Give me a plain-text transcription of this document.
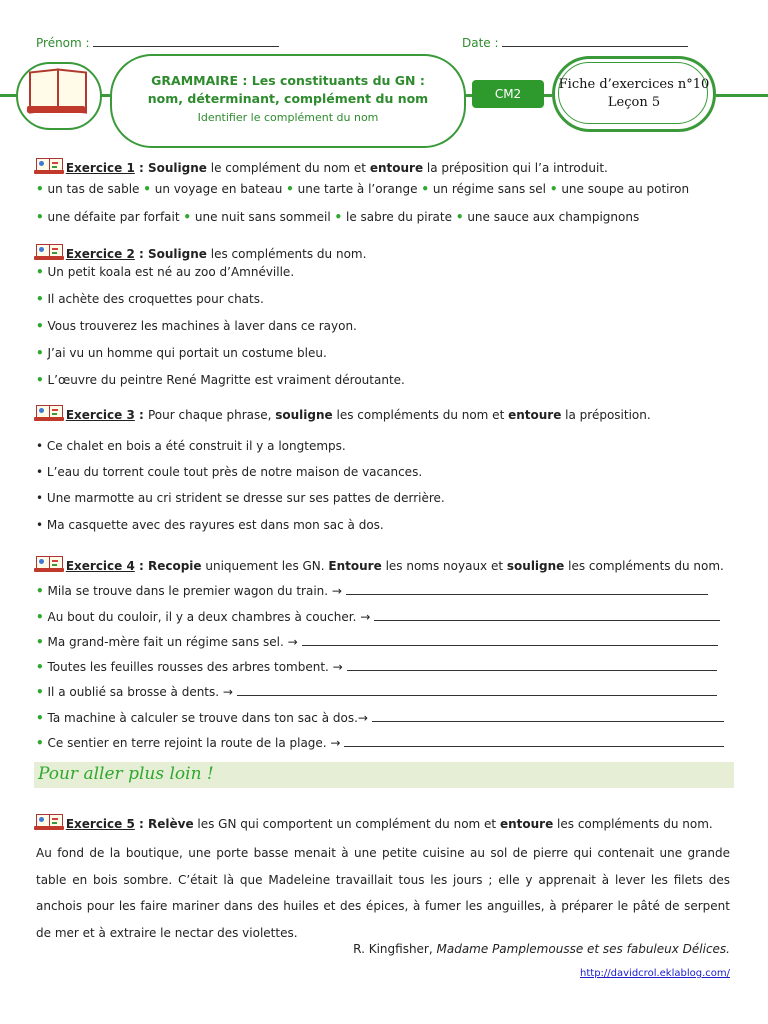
Prénom :	Date :
GRAMMAIRE : Les constituants du GN :
nom, déterminant, complément du nom
Identifier le complément du nom
CM2
Fiche d’exercices n°10
Leçon 5
Exercice 1 : Souligne le complément du nom et entoure la préposition qui l’a introduit.
• un tas de sable • un voyage en bateau • une tarte à l’orange • un régime sans sel • une soupe au potiron
• une défaite par forfait • une nuit sans sommeil • le sabre du pirate • une sauce aux champignons
Exercice 2 : Souligne les compléments du nom.
• Un petit koala est né au zoo d’Amnéville.
• Il achète des croquettes pour chats.
• Vous trouverez les machines à laver dans ce rayon.
• J’ai vu un homme qui portait un costume bleu.
• L’œuvre du peintre René Magritte est vraiment déroutante.
Exercice 3 : Pour chaque phrase, souligne les compléments du nom et entoure la préposition.
• Ce chalet en bois a été construit il y a longtemps.
• L’eau du torrent coule tout près de notre maison de vacances.
• Une marmotte au cri strident se dresse sur ses pattes de derrière.
• Ma casquette avec des rayures est dans mon sac à dos.
Exercice 4 : Recopie uniquement les GN. Entoure les noms noyaux et souligne les compléments du nom.
• Mila se trouve dans le premier wagon du train. →
• Au bout du couloir, il y a deux chambres à coucher. →
• Ma grand-mère fait un régime sans sel. →
• Toutes les feuilles rousses des arbres tombent. →
• Il a oublié sa brosse à dents. →
• Ta machine à calculer se trouve dans ton sac à dos.→
• Ce sentier en terre rejoint la route de la plage. →
Pour aller plus loin !
Exercice 5 : Relève les GN qui comportent un complément du nom et entoure les compléments du nom.
Au fond de la boutique, une porte basse menait à une petite cuisine au sol de pierre qui contenait une grande table en bois sombre. C’était là que Madeleine travaillait tous les jours ; elle y apprenait à lever les filets des anchois pour les faire mariner dans des huiles et des épices, à fumer les anguilles, à préparer le pâté de serpent de mer et à extraire le nectar des violettes.
R. Kingfisher, Madame Pamplemousse et ses fabuleux Délices.
http://davidcrol.eklablog.com/
